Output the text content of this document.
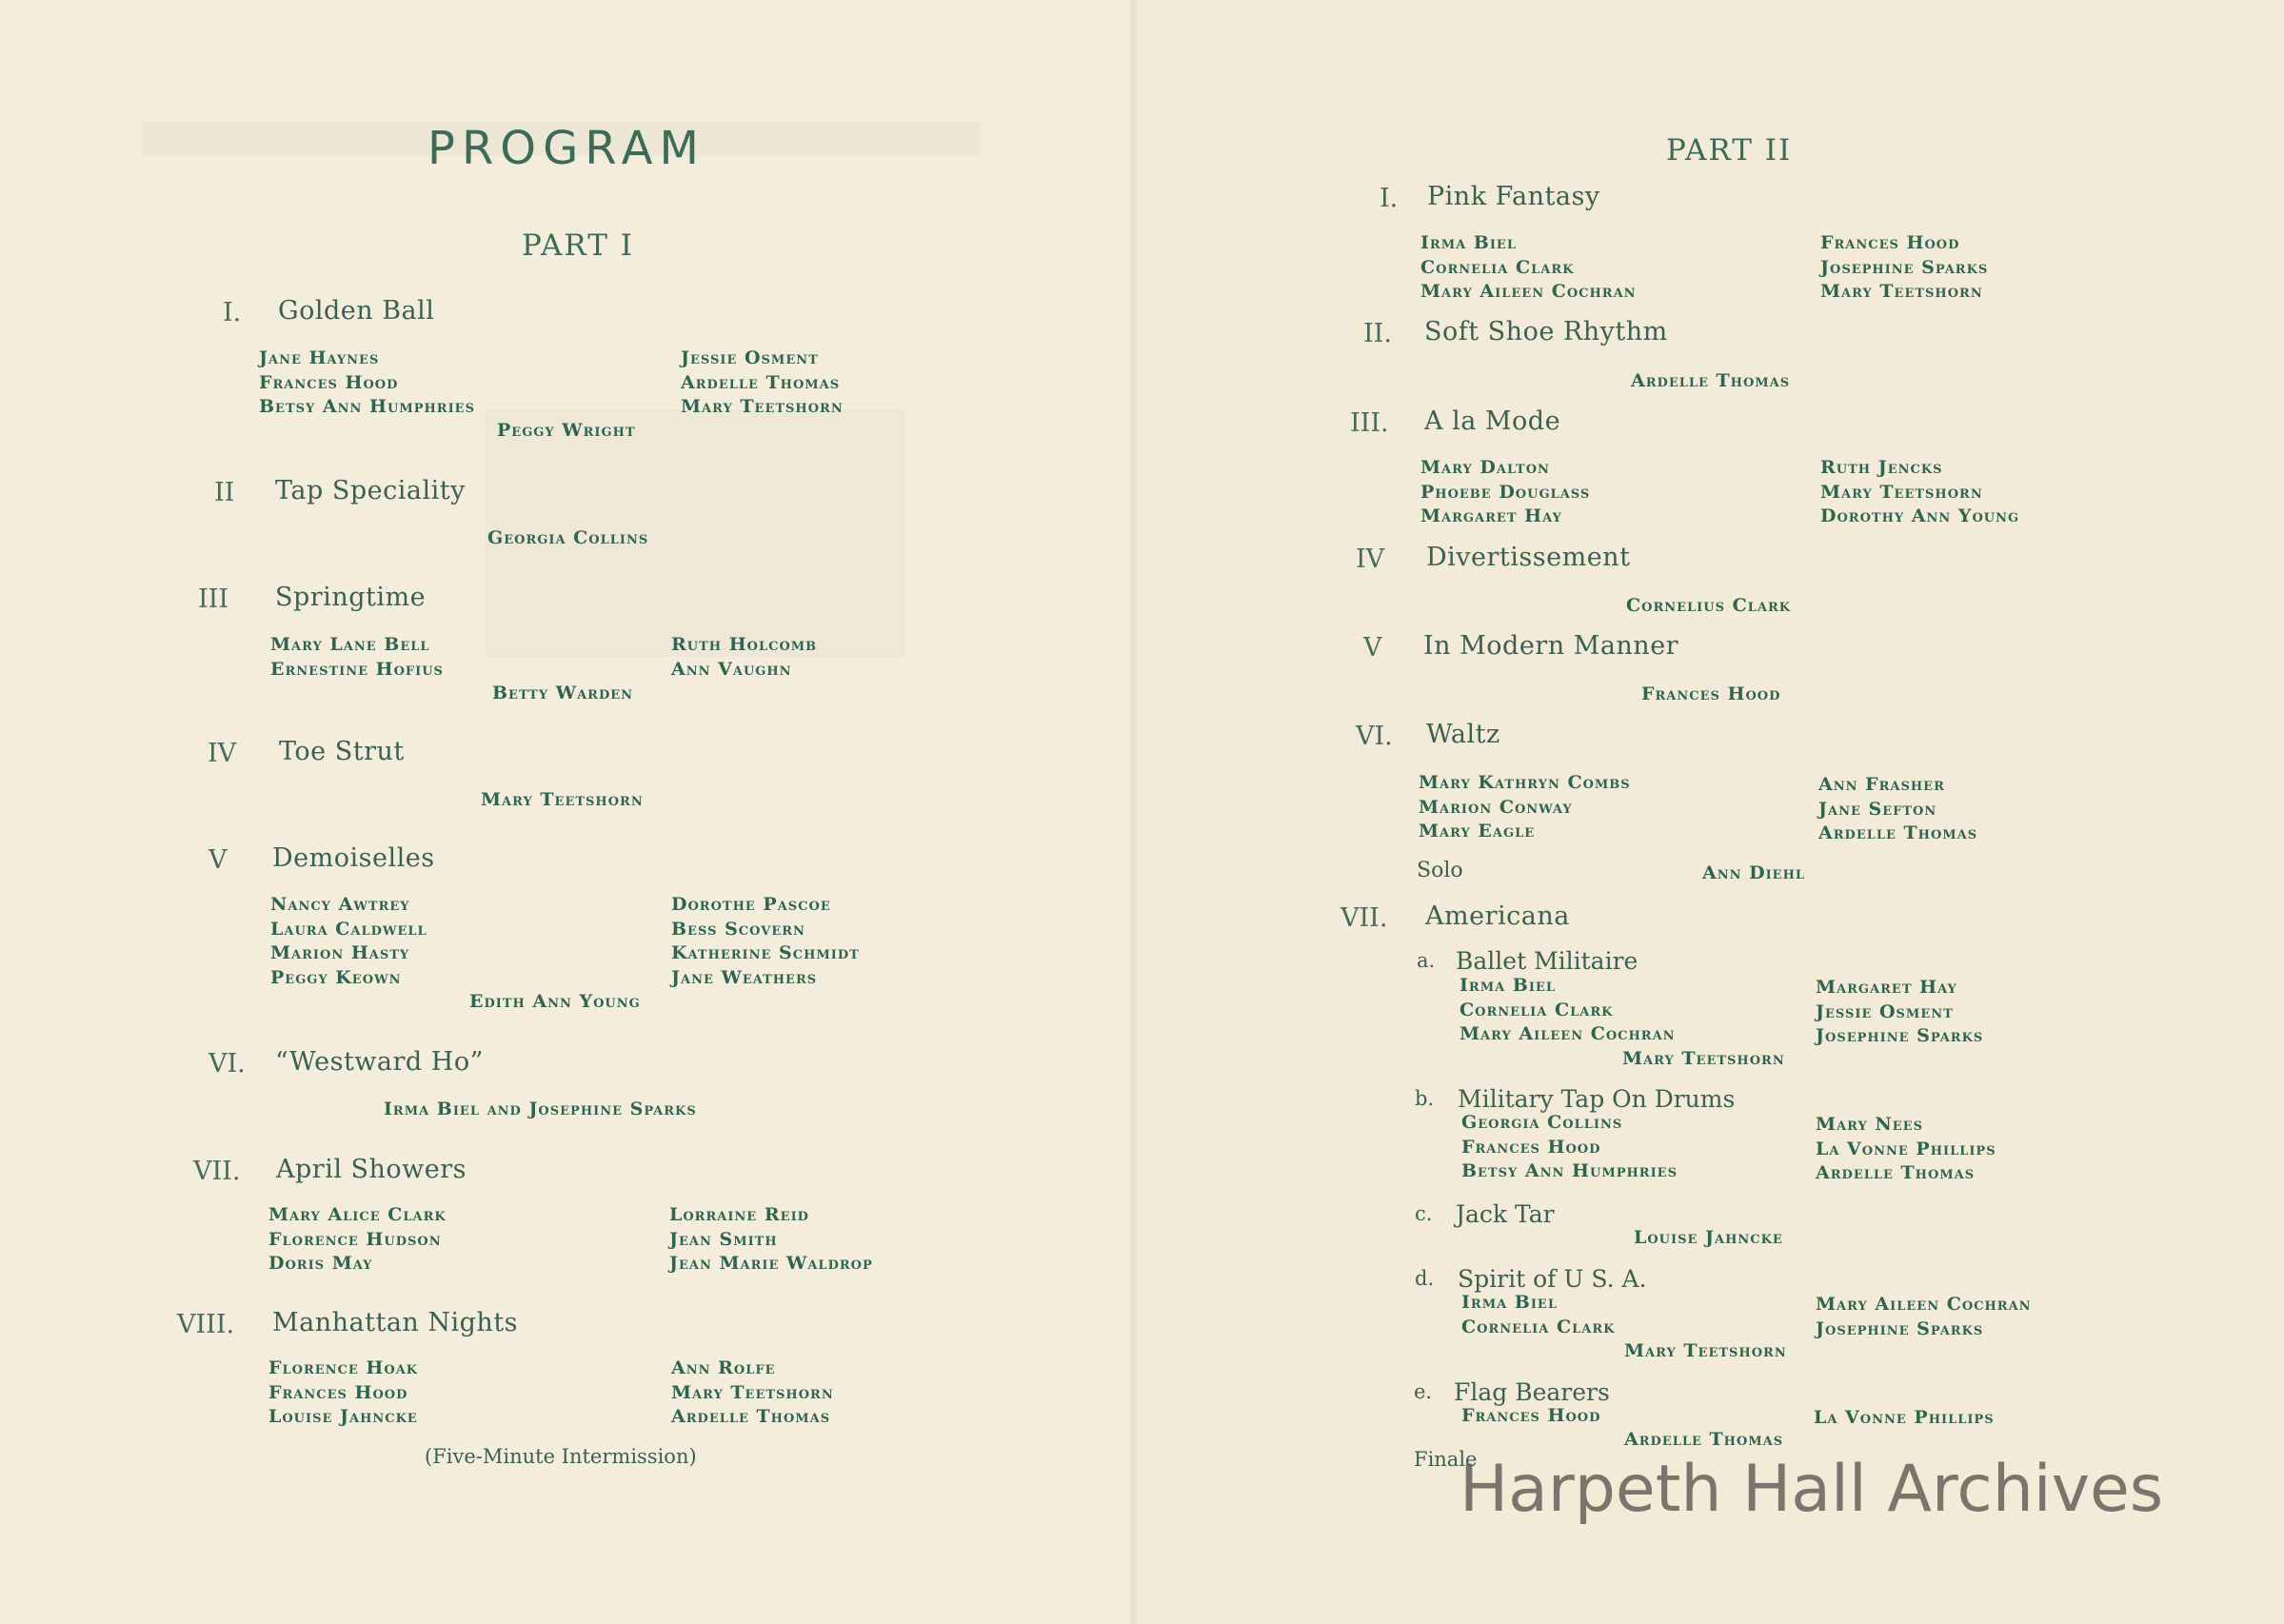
PROGRAM
PART I
I. Golden Ball
Jane Haynes
Frances Hood
Betsy Ann Humphries
Jessie Osment
Ardelle Thomas
Mary Teetshorn
Peggy Wright
II Tap Speciality
Georgia Collins
III Springtime
Mary Lane Bell
Ernestine Hofius
Ruth Holcomb
Ann Vaughn
Betty Warden
IV Toe Strut
Mary Teetshorn
V Demoiselles
Nancy Awtrey
Laura Caldwell
Marion Hasty
Peggy Keown
Dorothe Pascoe
Bess Scovern
Katherine Schmidt
Jane Weathers
Edith Ann Young
VI. “Westward Ho”
Irma Biel and Josephine Sparks
VII. April Showers
Mary Alice Clark
Florence Hudson
Doris May
Lorraine Reid
Jean Smith
Jean Marie Waldrop
VIII. Manhattan Nights
Florence Hoak
Frances Hood
Louise Jahncke
Ann Rolfe
Mary Teetshorn
Ardelle Thomas
(Five-Minute Intermission)
PART II
I. Pink Fantasy
Irma Biel
Cornelia Clark
Mary Aileen Cochran
Frances Hood
Josephine Sparks
Mary Teetshorn
II. Soft Shoe Rhythm
Ardelle Thomas
III. A la Mode
Mary Dalton
Phoebe Douglass
Margaret Hay
Ruth Jencks
Mary Teetshorn
Dorothy Ann Young
IV Divertissement
Cornelius Clark
V In Modern Manner
Frances Hood
VI. Waltz
Mary Kathryn Combs
Marion Conway
Mary Eagle
Ann Frasher
Jane Sefton
Ardelle Thomas
Solo	Ann Diehl
VII. Americana
a. Ballet Militaire
Irma Biel
Cornelia Clark
Mary Aileen Cochran
Margaret Hay
Jessie Osment
Josephine Sparks
Mary Teetshorn
b. Military Tap On Drums
Georgia Collins
Frances Hood
Betsy Ann Humphries
Mary Nees
La Vonne Phillips
Ardelle Thomas
c. Jack Tar
Louise Jahncke
d. Spirit of U S. A.
Irma Biel
Cornelia Clark
Mary Aileen Cochran
Josephine Sparks
Mary Teetshorn
e. Flag Bearers
Frances Hood	La Vonne Phillips
Ardelle Thomas
Finale
Harpeth Hall Archives
